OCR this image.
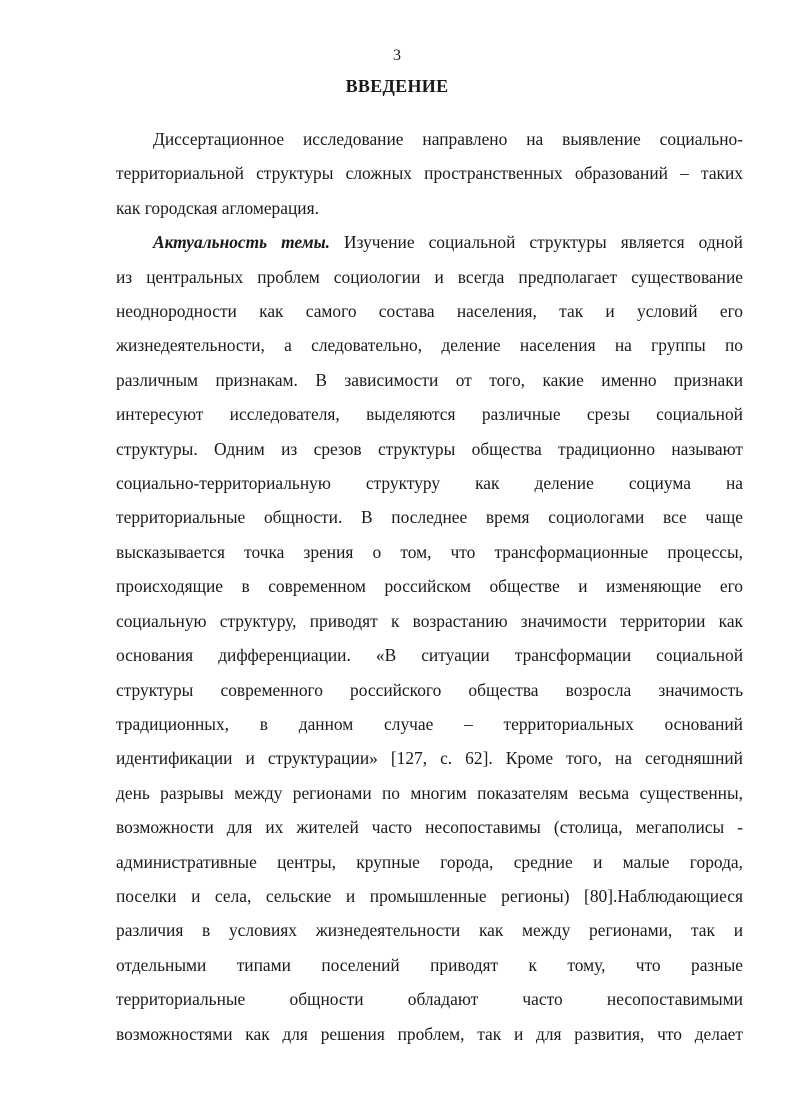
3
ВВЕДЕНИЕ
Диссертационное исследование направлено на выявление социально-
территориальной структуры сложных пространственных образований – таких
как городская агломерация.
Актуальность темы. Изучение социальной структуры является одной
из центральных проблем социологии и всегда предполагает существование
неоднородности как самого состава населения, так и условий его
жизнедеятельности, а следовательно, деление населения на группы по
различным признакам. В зависимости от того, какие именно признаки
интересуют исследователя, выделяются различные срезы социальной
структуры. Одним из срезов структуры общества традиционно называют
социально-территориальную структуру как деление социума на
территориальные общности. В последнее время социологами все чаще
высказывается точка зрения о том, что трансформационные процессы,
происходящие в современном российском обществе и изменяющие его
социальную структуру, приводят к возрастанию значимости территории как
основания дифференциации. «В ситуации трансформации социальной
структуры современного российского общества возросла значимость
традиционных, в данном случае – территориальных оснований
идентификации и структурации» [127, с. 62]. Кроме того, на сегодняшний
день разрывы между регионами по многим показателям весьма существенны,
возможности для их жителей часто несопоставимы (столица, мегаполисы -
административные центры, крупные города, средние и малые города,
поселки и села, сельские и промышленные регионы) [80].Наблюдающиеся
различия в условиях жизнедеятельности как между регионами, так и
отдельными типами поселений приводят к тому, что разные
территориальные общности обладают часто несопоставимыми
возможностями как для решения проблем, так и для развития, что делает
